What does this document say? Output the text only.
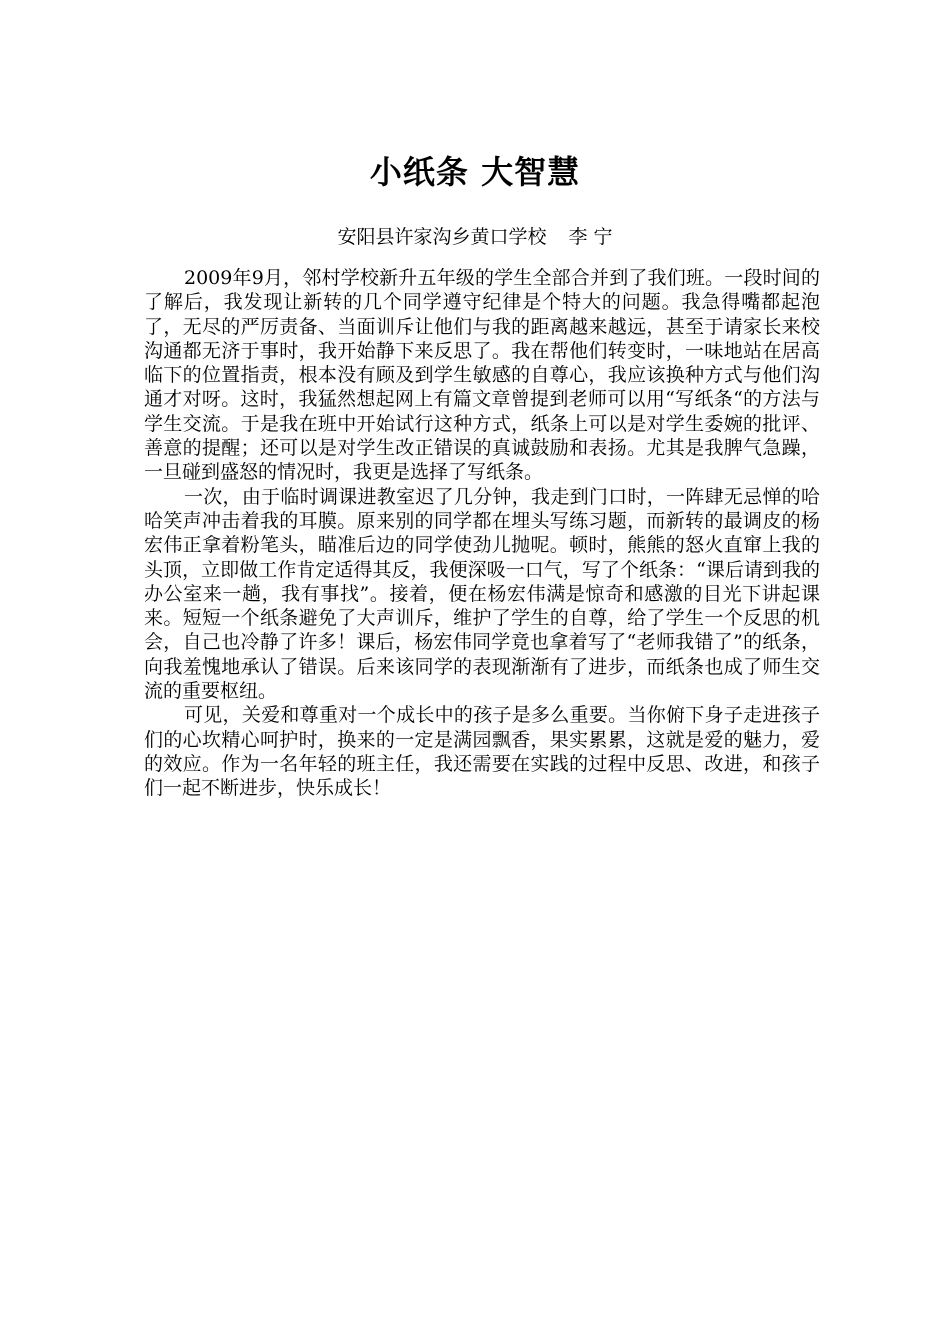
小纸条 大智慧
安阳县许家沟乡黄口学校 李 宁

2009年9月，邻村学校新升五年级的学生全部合并到了我们班。一段时间的了解后，我发现让新转的几个同学遵守纪律是个特大的问题。我急得嘴都起泡了，无尽的严厉责备、当面训斥让他们与我的距离越来越远，甚至于请家长来校沟通都无济于事时，我开始静下来反思了。我在帮他们转变时，一味地站在居高临下的位置指责，根本没有顾及到学生敏感的自尊心，我应该换种方式与他们沟通才对呀。这时，我猛然想起网上有篇文章曾提到老师可以用“写纸条“的方法与学生交流。于是我在班中开始试行这种方式，纸条上可以是对学生委婉的批评、善意的提醒；还可以是对学生改正错误的真诚鼓励和表扬。尤其是我脾气急躁，一旦碰到盛怒的情况时，我更是选择了写纸条。

一次，由于临时调课进教室迟了几分钟，我走到门口时，一阵肆无忌惮的哈哈笑声冲击着我的耳膜。原来别的同学都在埋头写练习题，而新转的最调皮的杨宏伟正拿着粉笔头，瞄准后边的同学使劲儿抛呢。顿时，熊熊的怒火直窜上我的头顶，立即做工作肯定适得其反，我便深吸一口气，写了个纸条：“课后请到我的办公室来一趟，我有事找”。接着，便在杨宏伟满是惊奇和感激的目光下讲起课来。短短一个纸条避免了大声训斥，维护了学生的自尊，给了学生一个反思的机会，自己也冷静了许多！课后，杨宏伟同学竟也拿着写了“老师我错了”的纸条，向我羞愧地承认了错误。后来该同学的表现渐渐有了进步，而纸条也成了师生交流的重要枢纽。

可见，关爱和尊重对一个成长中的孩子是多么重要。当你俯下身子走进孩子们的心坎精心呵护时，换来的一定是满园飘香，果实累累，这就是爱的魅力，爱的效应。作为一名年轻的班主任，我还需要在实践的过程中反思、改进，和孩子们一起不断进步，快乐成长！
